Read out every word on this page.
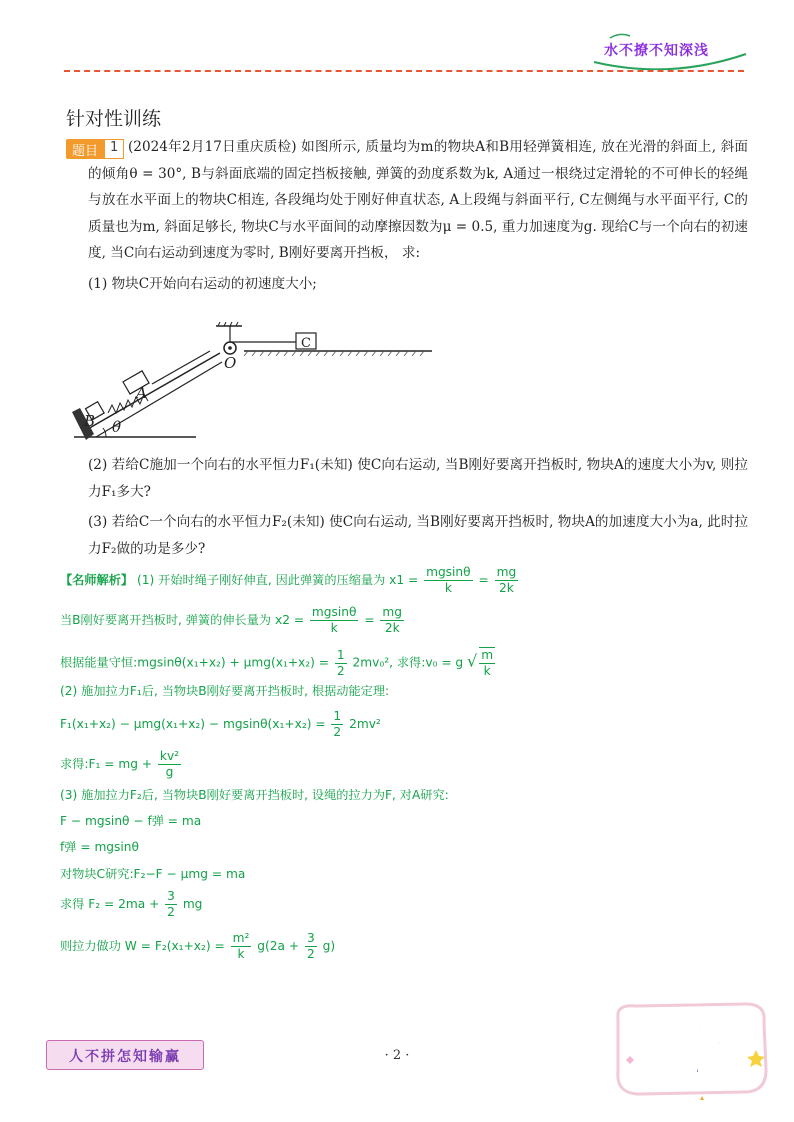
水不撩不知深浅
针对性训练
题目 1 (2024年2月17日重庆质检) 如图所示, 质量均为m的物块A和B用轻弹簧相连, 放在光滑的斜面上, 斜面的倾角θ = 30°, B与斜面底端的固定挡板接触, 弹簧的劲度系数为k, A通过一根绕过定滑轮的不可伸长的轻绳与放在水平面上的物块C相连, 各段绳均处于刚好伸直状态, A上段绳与斜面平行, C左侧绳与水平面平行, C的质量也为m, 斜面足够长, 物块C与水平面间的动摩擦因数为μ = 0.5, 重力加速度为g. 现给C与一个向右的初速度, 当C向右运动到速度为零时, B刚好要离开挡板， 求:

(1) 物块C开始向右运动的初速度大小;

B
A
O
C
θ

(2) 若给C施加一个向右的水平恒力F₁(未知) 使C向右运动, 当B刚好要离开挡板时, 物块A的速度大小为v, 则拉力F₁多大?

(3) 若给C一个向右的水平恒力F₂(未知) 使C向右运动, 当B刚好要离开挡板时, 物块A的加速度大小为a, 此时拉力F₂做的功是多少?

【名师解析】 (1) 开始时绳子刚好伸直, 因此弹簧的压缩量为 $x1 = \frac{mgsin\theta}{k} = \frac{mg}{2k}$
当B刚好要离开挡板时, 弹簧的伸长量为 $x2 = \frac{mgsin\theta}{k} = \frac{mg}{2k}$
根据能量守恒:mgsinθ(x₁+x₂) + $\mu mg(x_1+x_2) = \frac{1}{2} 2mv_0^2$, 求得:v₀ = g √ $\frac{m}{k}$
(2) 施加拉力F₁后, 当物块B刚好要离开挡板时, 根据动能定理:
$F_1(x_1+x_2) - \mu mg(x_1+x_2) - mgsin\theta(x_1+x_2) = \frac{1}{2} 2mv^2$
求得:F₁ = mg + $\frac{\text{kv²}}{g}$
(3) 施加拉力F₂后, 当物块B刚好要离开挡板时, 设绳的拉力为F, 对A研究:
F − mgsinθ − f弹 = ma
f弹 = mgsinθ
对物块C研究:F₂−F − μmg = ma
求得 $F_2 = 2ma + \frac{3}{2}$ mg
则拉力做功 $W = F_2(x_1+x_2) = \frac{\text{m²}}{k} g(2a + \frac{3}{2} g)$
人不拼怎知输赢	· 2 ·
高中学习
小秘诀
